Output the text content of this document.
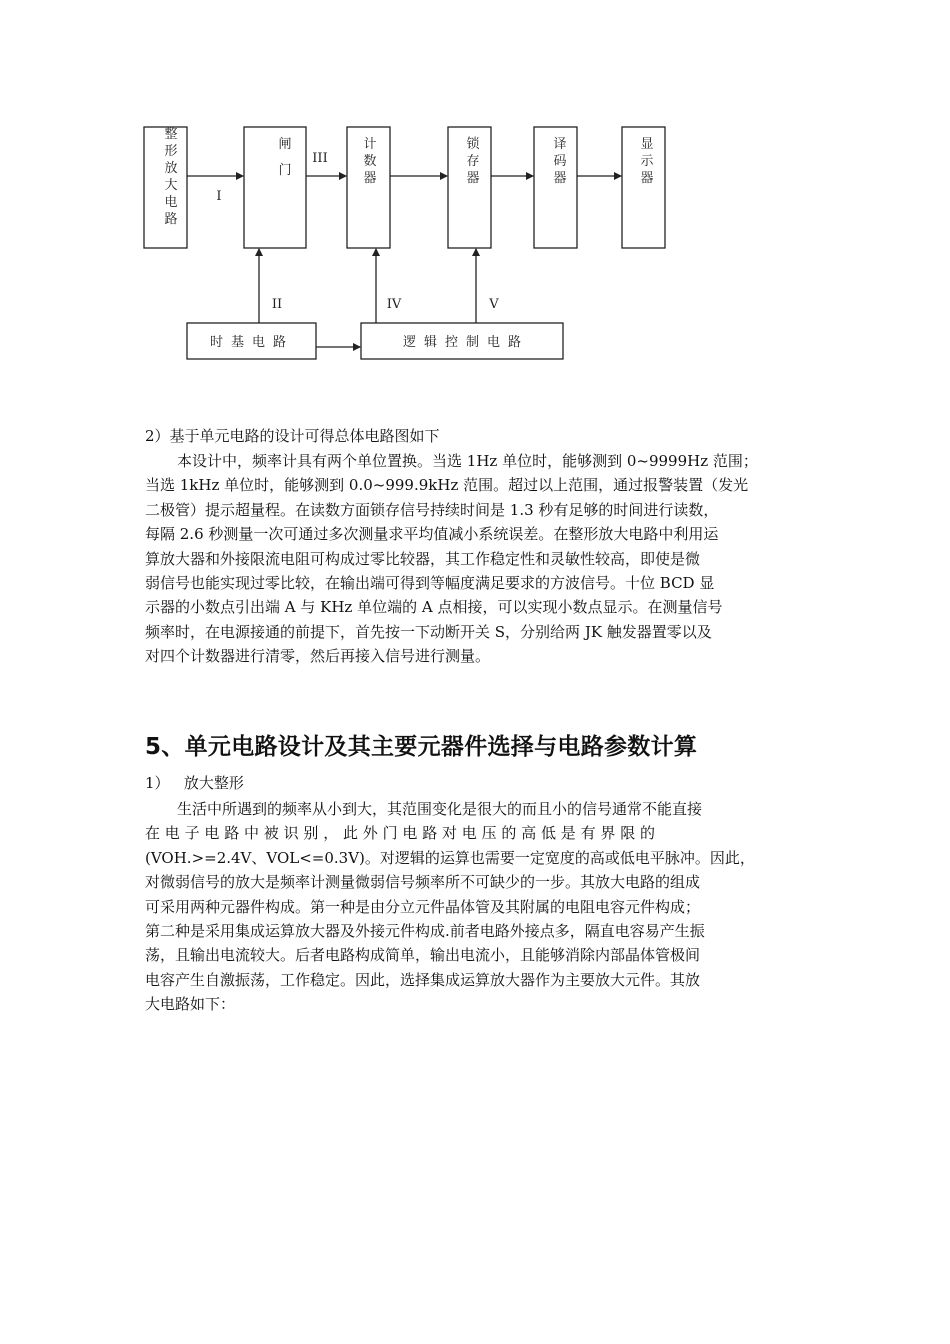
整形放大电路
闸门
计数器
锁存器
译码器
显示器
时基电路	逻辑控制电路
I
II
III
IV	V

2）基于单元电路的设计可得总体电路图如下

本设计中，频率计具有两个单位置换。当选 1Hz 单位时，能够测到 0~9999Hz 范围；

当选 1kHz 单位时，能够测到 0.0~999.9kHz 范围。超过以上范围，通过报警装置（发光

二极管）提示超量程。在读数方面锁存信号持续时间是 1.3 秒有足够的时间进行读数，

每隔 2.6 秒测量一次可通过多次测量求平均值减小系统误差。在整形放大电路中利用运

算放大器和外接限流电阻可构成过零比较器，其工作稳定性和灵敏性较高，即使是微

弱信号也能实现过零比较，在输出端可得到等幅度满足要求的方波信号。十位 BCD 显

示器的小数点引出端 A 与 KHz 单位端的 A 点相接，可以实现小数点显示。在测量信号

频率时，在电源接通的前提下，首先按一下动断开关 S，分别给两 JK 触发器置零以及

对四个计数器进行清零，然后再接入信号进行测量。

5、单元电路设计及其主要元器件选择与电路参数计算

1）   放大整形

生活中所遇到的频率从小到大，其范围变化是很大的而且小的信号通常不能直接

在电子电路中被识别，此外门电路对电压的高低是有界限的

(VOH.>=2.4V、VOL<=0.3V)。对逻辑的运算也需要一定宽度的高或低电平脉冲。因此，

对微弱信号的放大是频率计测量微弱信号频率所不可缺少的一步。其放大电路的组成

可采用两种元器件构成。第一种是由分立元件晶体管及其附属的电阻电容元件构成；

第二种是采用集成运算放大器及外接元件构成.前者电路外接点多，隔直电容易产生振

荡，且输出电流较大。后者电路构成简单，输出电流小，且能够消除内部晶体管极间

电容产生自激振荡，工作稳定。因此，选择集成运算放大器作为主要放大元件。其放

大电路如下：
